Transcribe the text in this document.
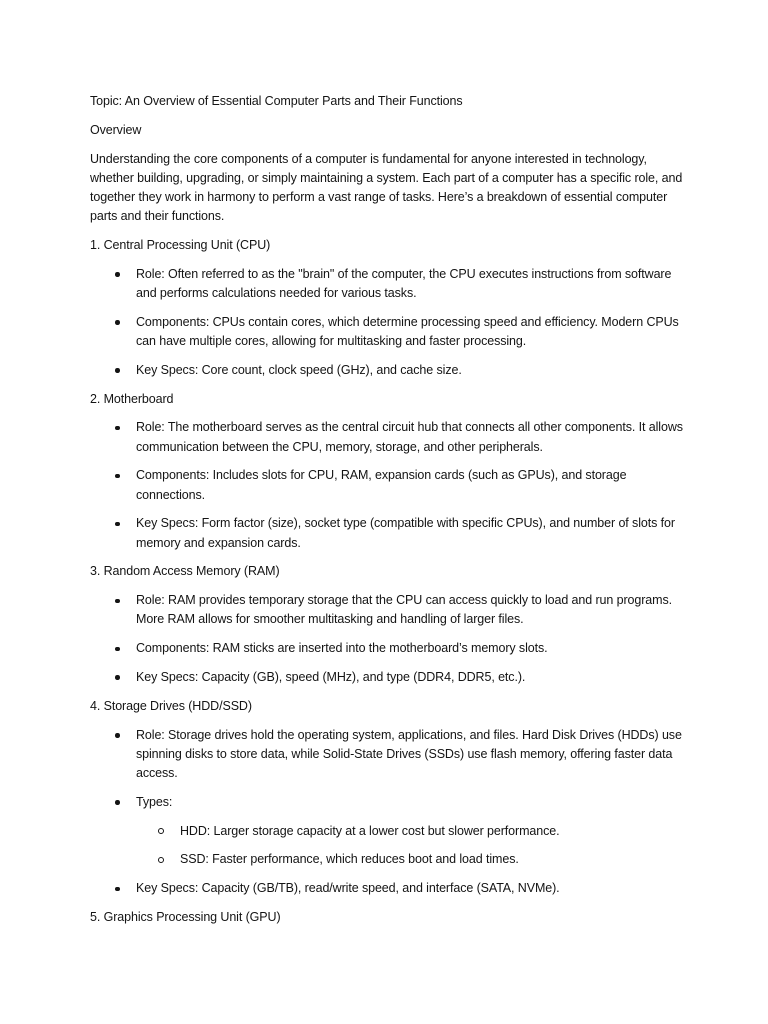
Topic: An Overview of Essential Computer Parts and Their Functions
Overview
Understanding the core components of a computer is fundamental for anyone interested in technology, whether building, upgrading, or simply maintaining a system. Each part of a computer has a specific role, and together they work in harmony to perform a vast range of tasks. Here’s a breakdown of essential computer parts and their functions.
1. Central Processing Unit (CPU)
Role: Often referred to as the "brain" of the computer, the CPU executes instructions from software and performs calculations needed for various tasks.
Components: CPUs contain cores, which determine processing speed and efficiency. Modern CPUs can have multiple cores, allowing for multitasking and faster processing.
Key Specs: Core count, clock speed (GHz), and cache size.
2. Motherboard
Role: The motherboard serves as the central circuit hub that connects all other components. It allows communication between the CPU, memory, storage, and other peripherals.
Components: Includes slots for CPU, RAM, expansion cards (such as GPUs), and storage connections.
Key Specs: Form factor (size), socket type (compatible with specific CPUs), and number of slots for memory and expansion cards.
3. Random Access Memory (RAM)
Role: RAM provides temporary storage that the CPU can access quickly to load and run programs. More RAM allows for smoother multitasking and handling of larger files.
Components: RAM sticks are inserted into the motherboard’s memory slots.
Key Specs: Capacity (GB), speed (MHz), and type (DDR4, DDR5, etc.).
4. Storage Drives (HDD/SSD)
Role: Storage drives hold the operating system, applications, and files. Hard Disk Drives (HDDs) use spinning disks to store data, while Solid-State Drives (SSDs) use flash memory, offering faster data access.
Types:
HDD: Larger storage capacity at a lower cost but slower performance.
SSD: Faster performance, which reduces boot and load times.
Key Specs: Capacity (GB/TB), read/write speed, and interface (SATA, NVMe).
5. Graphics Processing Unit (GPU)
